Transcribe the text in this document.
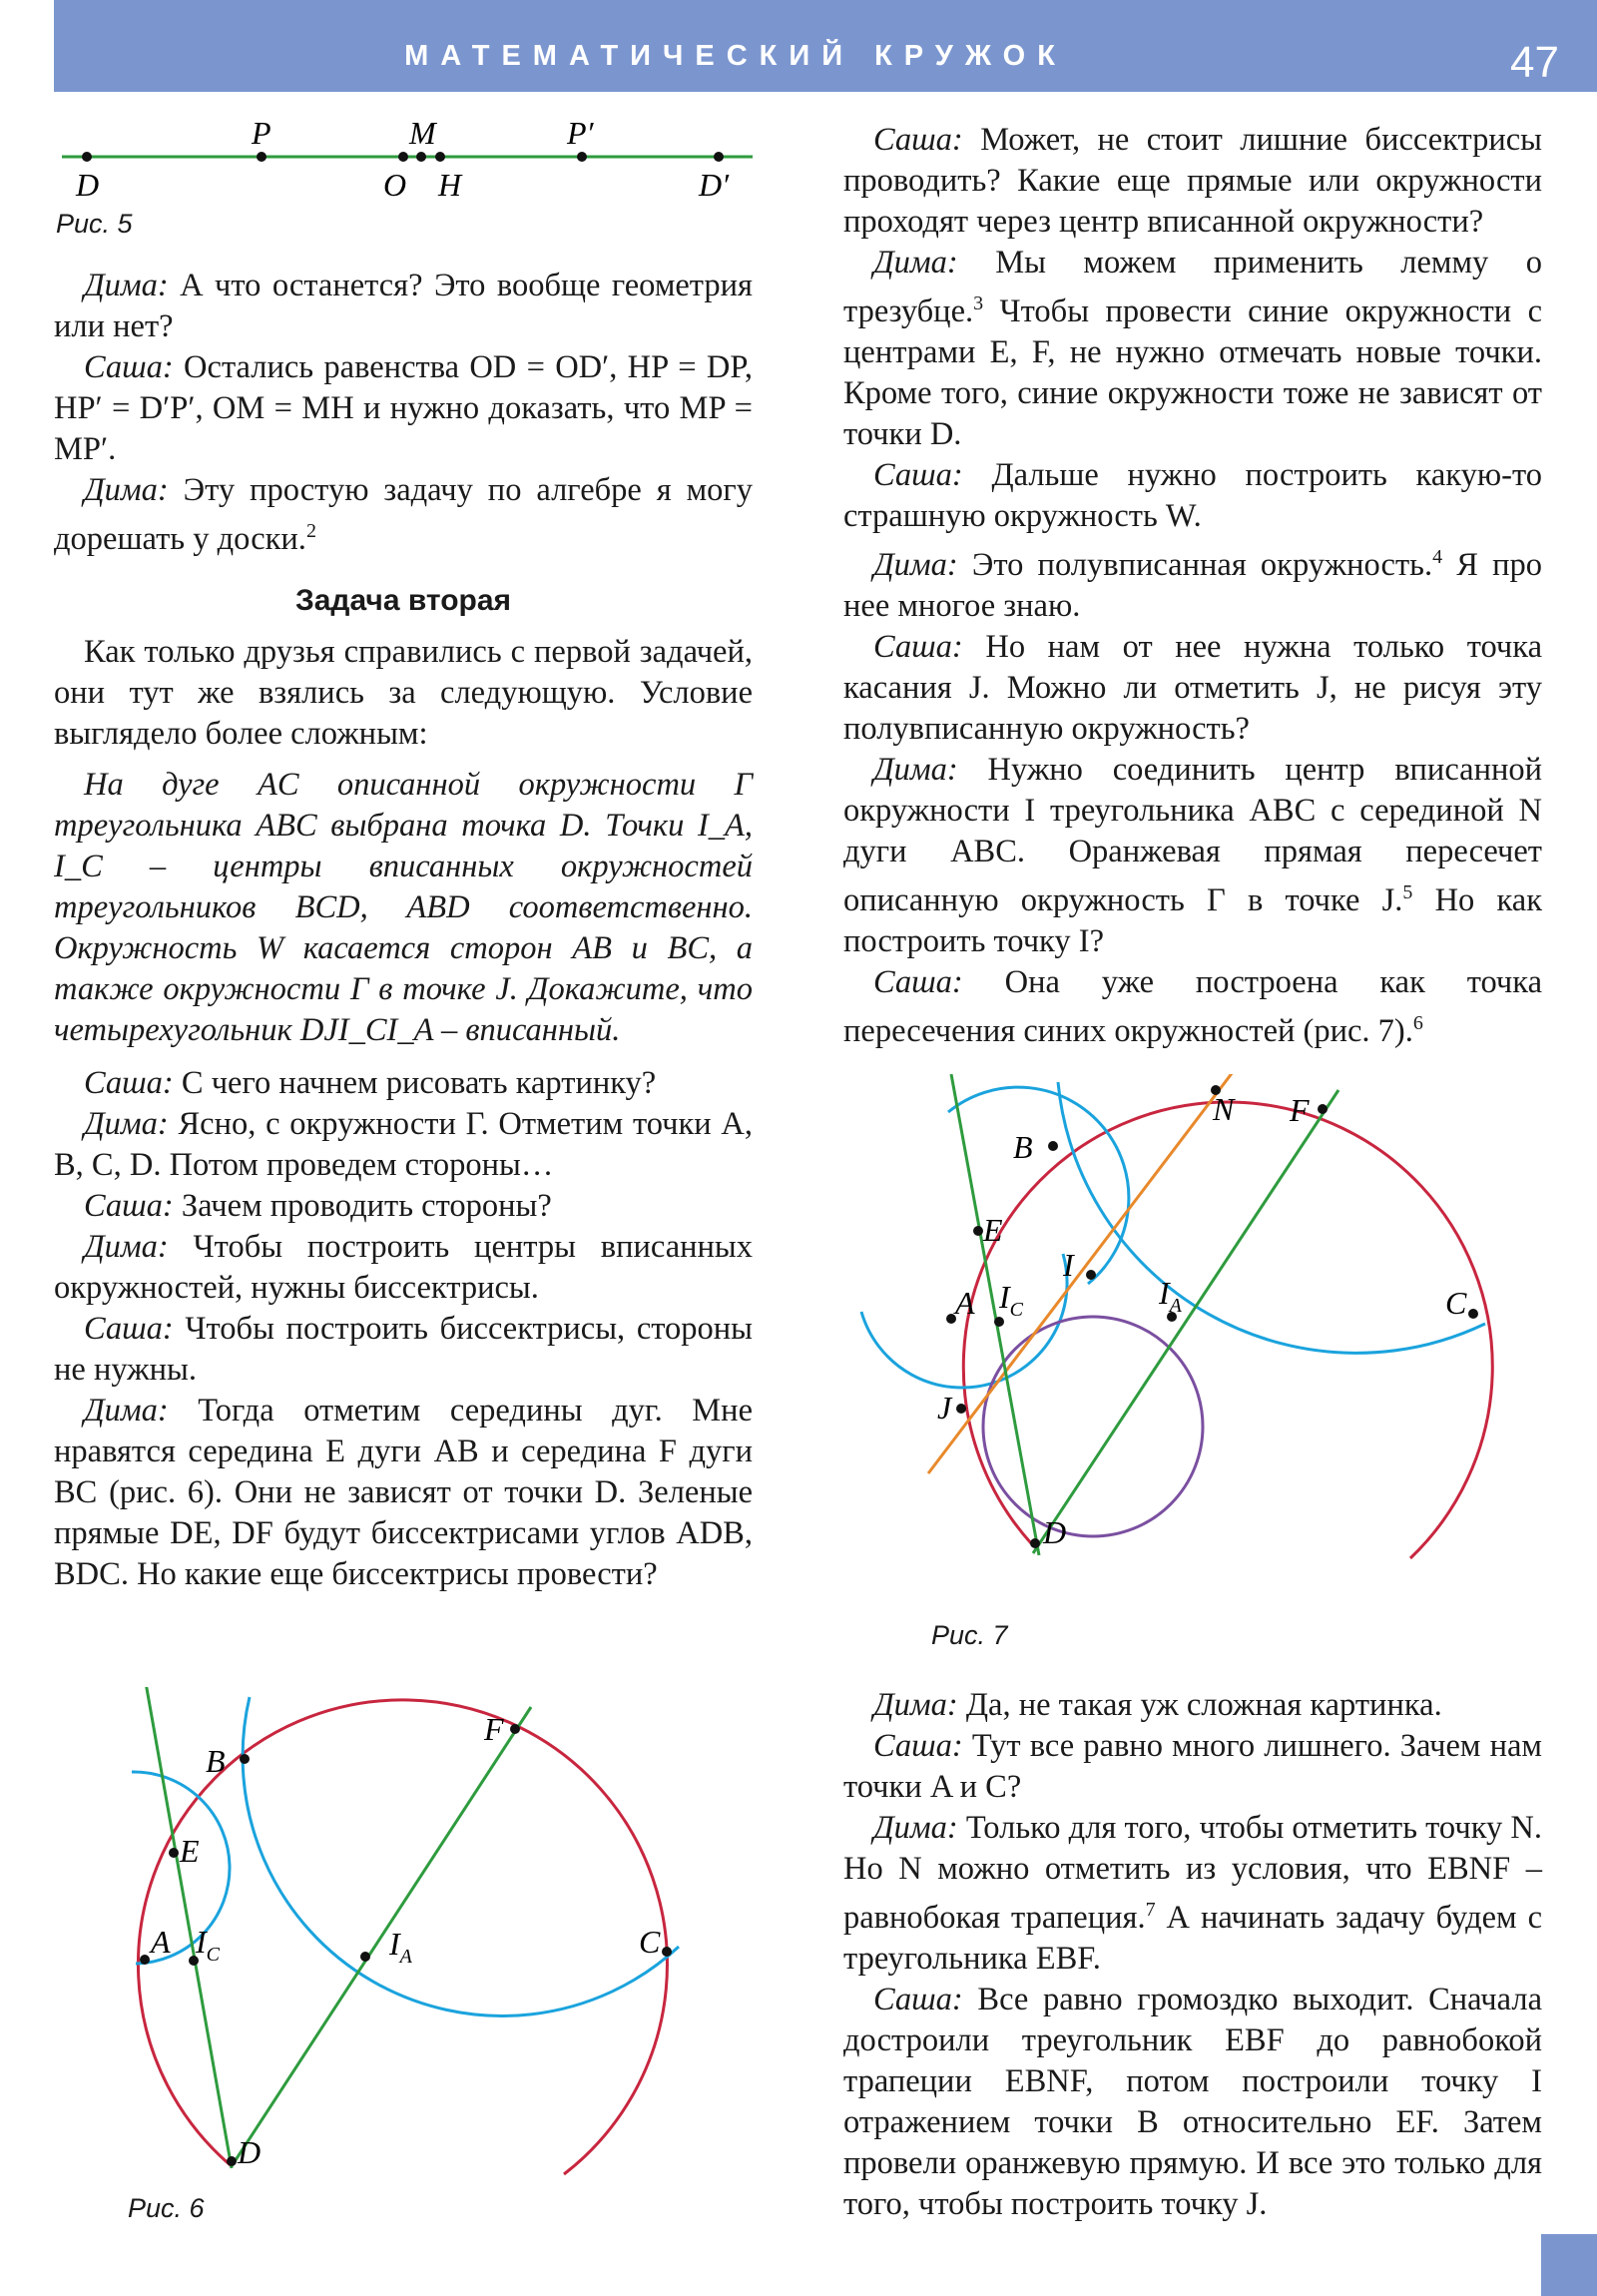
МАТЕМАТИЧЕСКИЙ КРУЖОК	47
P	M	P′
D	O H	D′
Рис. 5

Дима: А что останется? Это вообще геометрия или нет?

Саша: Остались равенства OD = OD′, HP = DP, HP′ = D′P′, OM = MH и нужно доказать, что MP = MP′.

Дима: Эту простую задачу по алгебре я могу дорешать у доски.$^2$

Задача вторая

Как только друзья справились с первой задачей, они тут же взялись за следующую. Условие выглядело более сложным:

На дуге AC описанной окружности Γ треугольника ABC выбрана точка D. Точки I_A, I_C – центры вписанных окружностей треугольников BCD, ABD соответственно. Окружность W касается сторон AB и BC, а также окружности Γ в точке J. Докажите, что четырехугольник DJI_CI_A – вписанный.

Саша: С чего начнем рисовать картинку?

Дима: Ясно, с окружности Γ. Отметим точки A, B, C, D. Потом проведем стороны…

Саша: Зачем проводить стороны?

Дима: Чтобы построить центры вписанных окружностей, нужны биссектрисы.

Саша: Чтобы построить биссектрисы, стороны не нужны.

Дима: Тогда отметим середины дуг. Мне нравятся середина E дуги AB и середина F дуги BC (рис. 6). Они не зависят от точки D. Зеленые прямые DE, DF будут биссектрисами углов ADB, BDC. Но какие еще биссектрисы провести?

B
F
E
A $I_C$	$I_A$	C
D
Рис. 6

Саша: Может, не стоит лишние биссектрисы проводить? Какие еще прямые или окружности проходят через центр вписанной окружности?

Дима: Мы можем применить лемму о трезубце.$^3$ Чтобы провести синие окружности с центрами E, F, не нужно отмечать новые точки. Кроме того, синие окружности тоже не зависят от точки D.

Саша: Дальше нужно построить какую-то страшную окружность W.

Дима: Это полувписанная окружность.$^4$ Я про нее многое знаю.

Саша: Но нам от нее нужна только точка касания J. Можно ли отметить J, не рисуя эту полувписанную окружность?

Дима: Нужно соединить центр вписанной окружности I треугольника ABC с серединой N дуги ABC. Оранжевая прямая пересечет описанную окружность Γ в точке J.$^5$ Но как построить точку I?

Саша: Она уже построена как точка пересечения синих окружностей (рис. 7).$^6$

N F
B
E
I
A $I_C$	$I_A$	C
J
D
Рис. 7

Дима: Да, не такая уж сложная картинка.

Саша: Тут все равно много лишнего. Зачем нам точки A и C?

Дима: Только для того, чтобы отметить точку N. Но N можно отметить из условия, что EBNF – равнобокая трапеция.$^7$ А начинать задачу будем с треугольника EBF.

Саша: Все равно громоздко выходит. Сначала достроили треугольник EBF до равнобокой трапеции EBNF, потом построили точку I отражением точки B относительно EF. Затем провели оранжевую прямую. И все это только для того, чтобы построить точку J.
